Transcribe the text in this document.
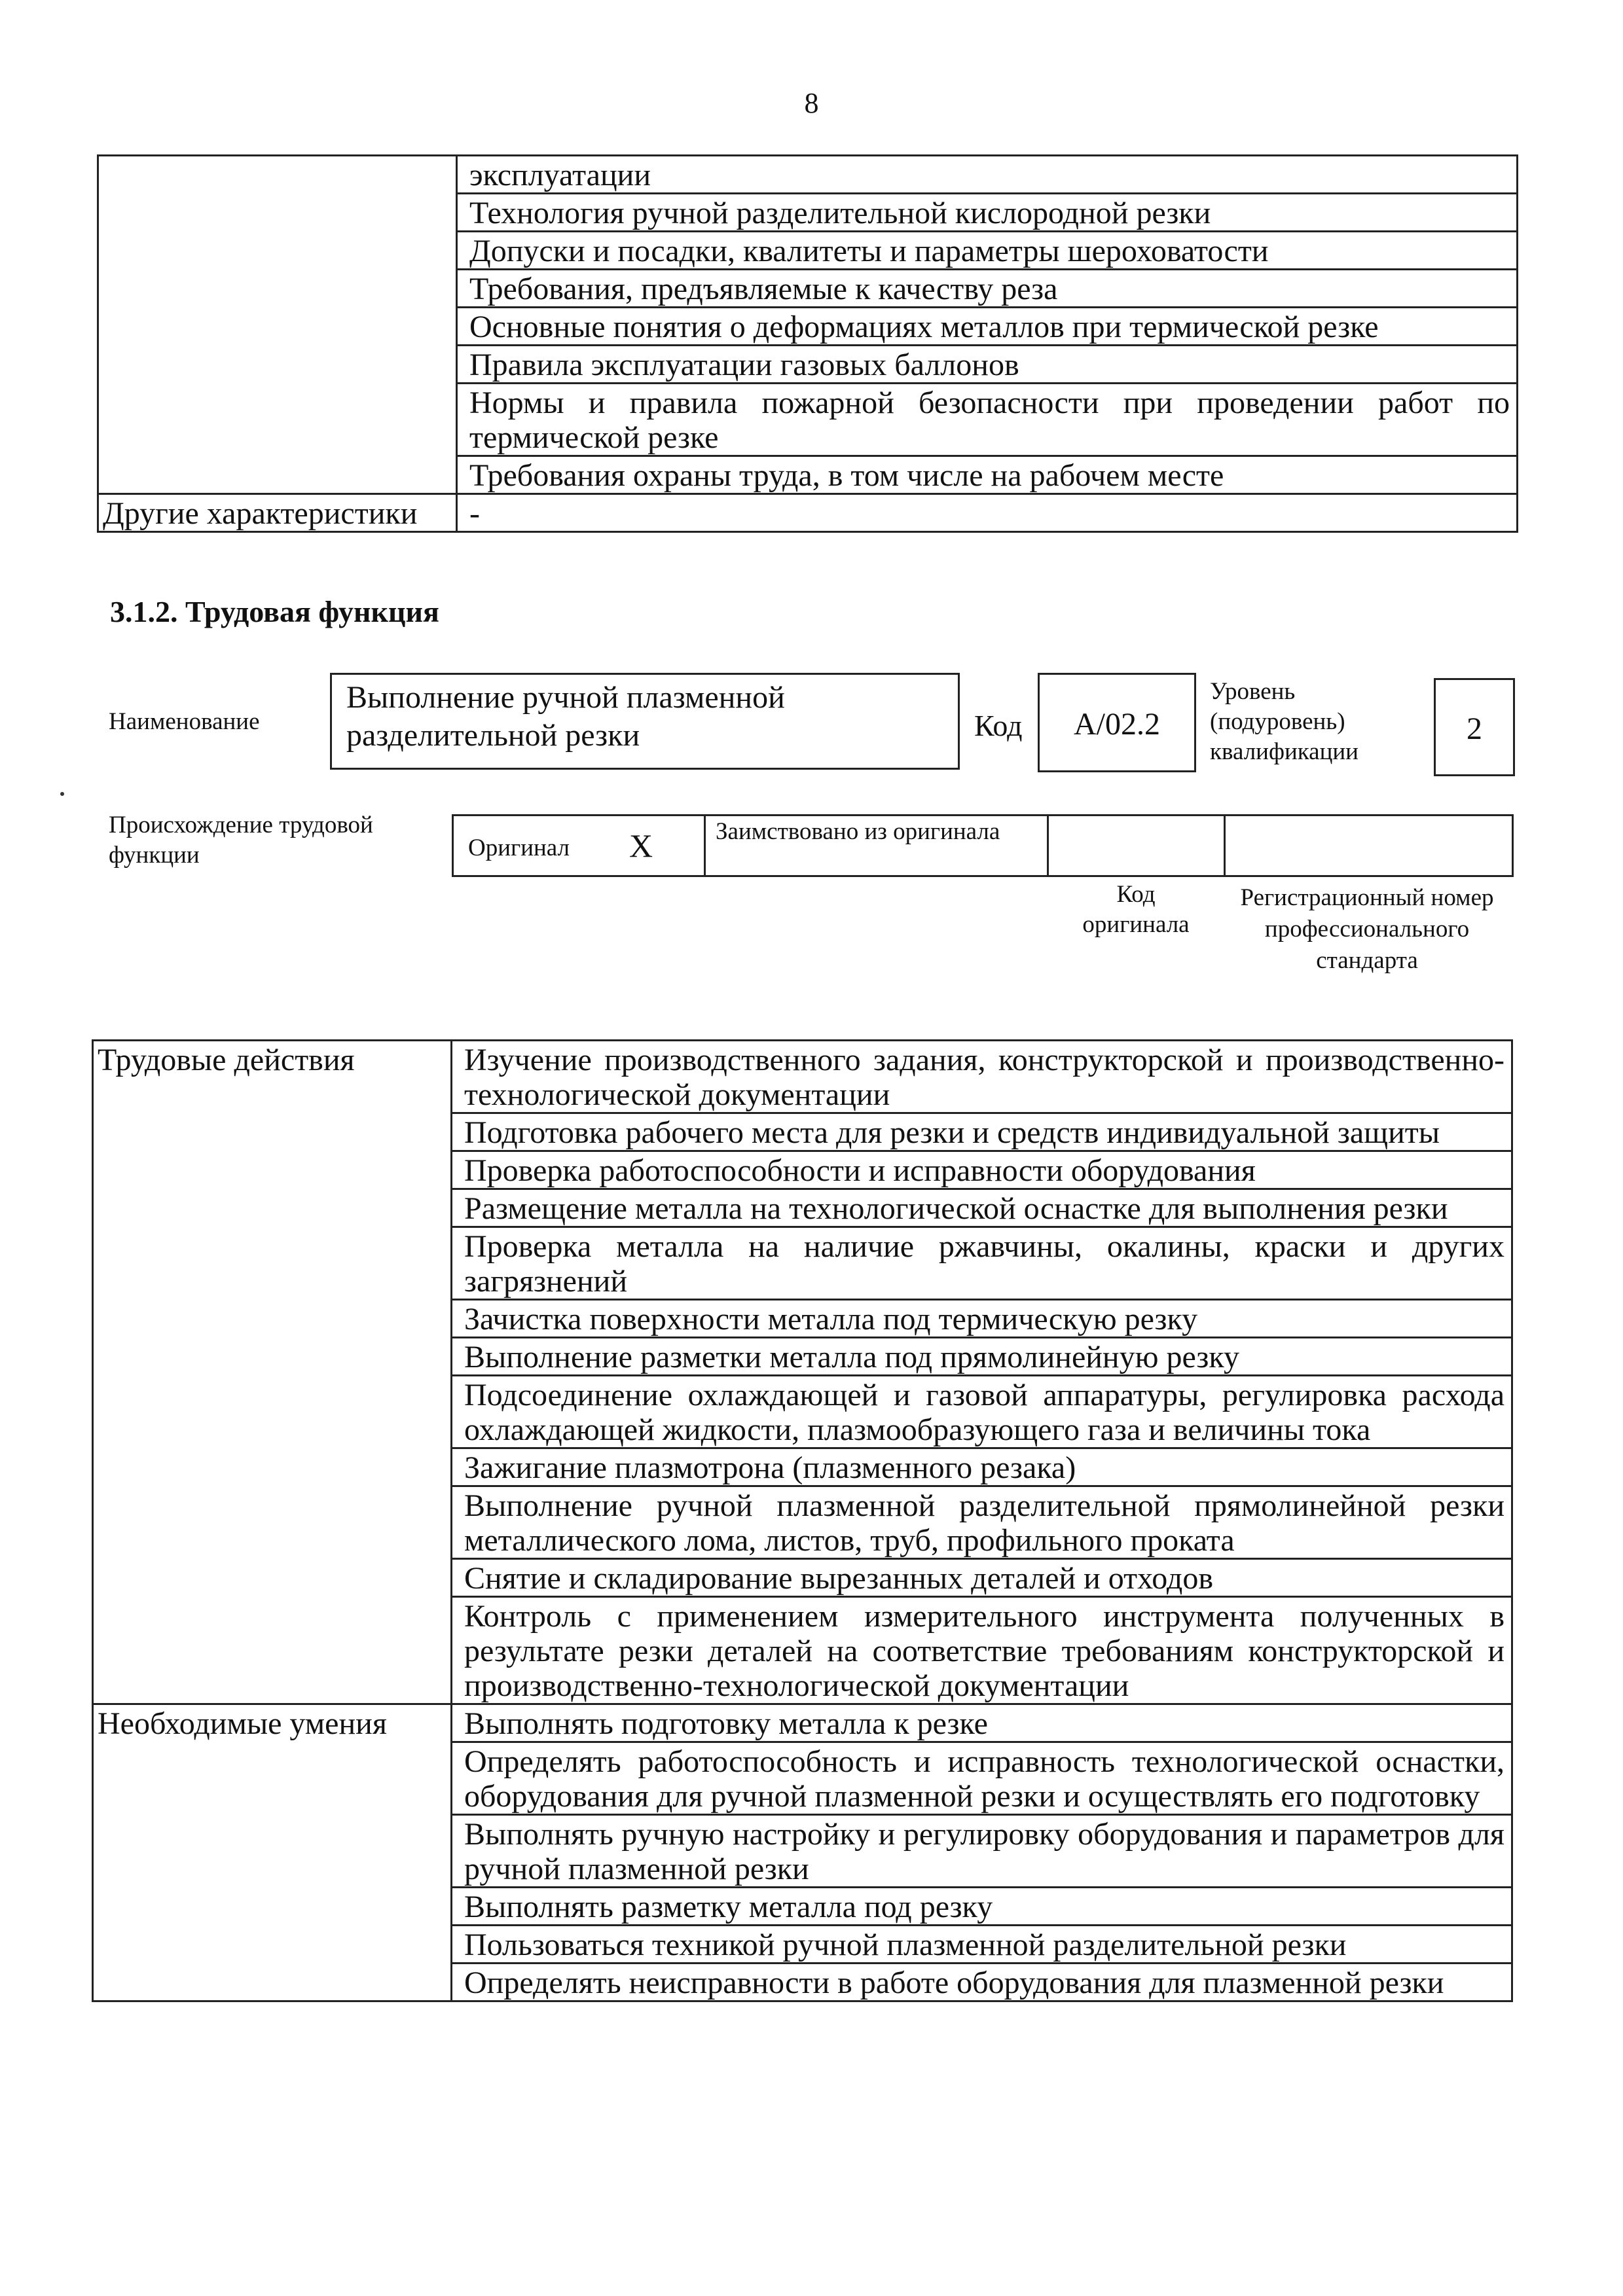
8
	эксплуатации
	Технология ручной разделительной кислородной резки
	Допуски и посадки, квалитеты и параметры шероховатости
	Требования, предъявляемые к качеству реза
	Основные понятия о деформациях металлов при термической резке
	Правила эксплуатации газовых баллонов
	Нормы и правила пожарной безопасности при проведении работ по термической резке
	Требования охраны труда, в том числе на рабочем месте
Другие характеристики	-
3.1.2. Трудовая функция
Наименование
Выполнение ручной плазменной разделительной резки	Код	А/02.2
Уровень (подуровень) квалификации
2
Происхождение трудовой функции	Оригинал X	Заимствовано из оригинала
Код оригинала
Регистрационный номер профессионального стандарта
Трудовые действия	Изучение производственного задания, конструкторской и производственно-технологической документации
	Подготовка рабочего места для резки и средств индивидуальной защиты
	Проверка работоспособности и исправности оборудования
	Размещение металла на технологической оснастке для выполнения резки
	Проверка металла на наличие ржавчины, окалины, краски и других загрязнений
	Зачистка поверхности металла под термическую резку
	Выполнение разметки металла под прямолинейную резку
	Подсоединение охлаждающей и газовой аппаратуры, регулировка расхода охлаждающей жидкости, плазмообразующего газа и величины тока
	Зажигание плазмотрона (плазменного резака)
	Выполнение ручной плазменной разделительной прямолинейной резки металлического лома, листов, труб, профильного проката
	Снятие и складирование вырезанных деталей и отходов
	Контроль с применением измерительного инструмента полученных в результате резки деталей на соответствие требованиям конструкторской и производственно-технологической документации
Необходимые умения	Выполнять подготовку металла к резке
	Определять работоспособность и исправность технологической оснастки, оборудования для ручной плазменной резки и осуществлять его подготовку
	Выполнять ручную настройку и регулировку оборудования и параметров для ручной плазменной резки
	Выполнять разметку металла под резку
	Пользоваться техникой ручной плазменной разделительной резки
	Определять неисправности в работе оборудования для плазменной резки
